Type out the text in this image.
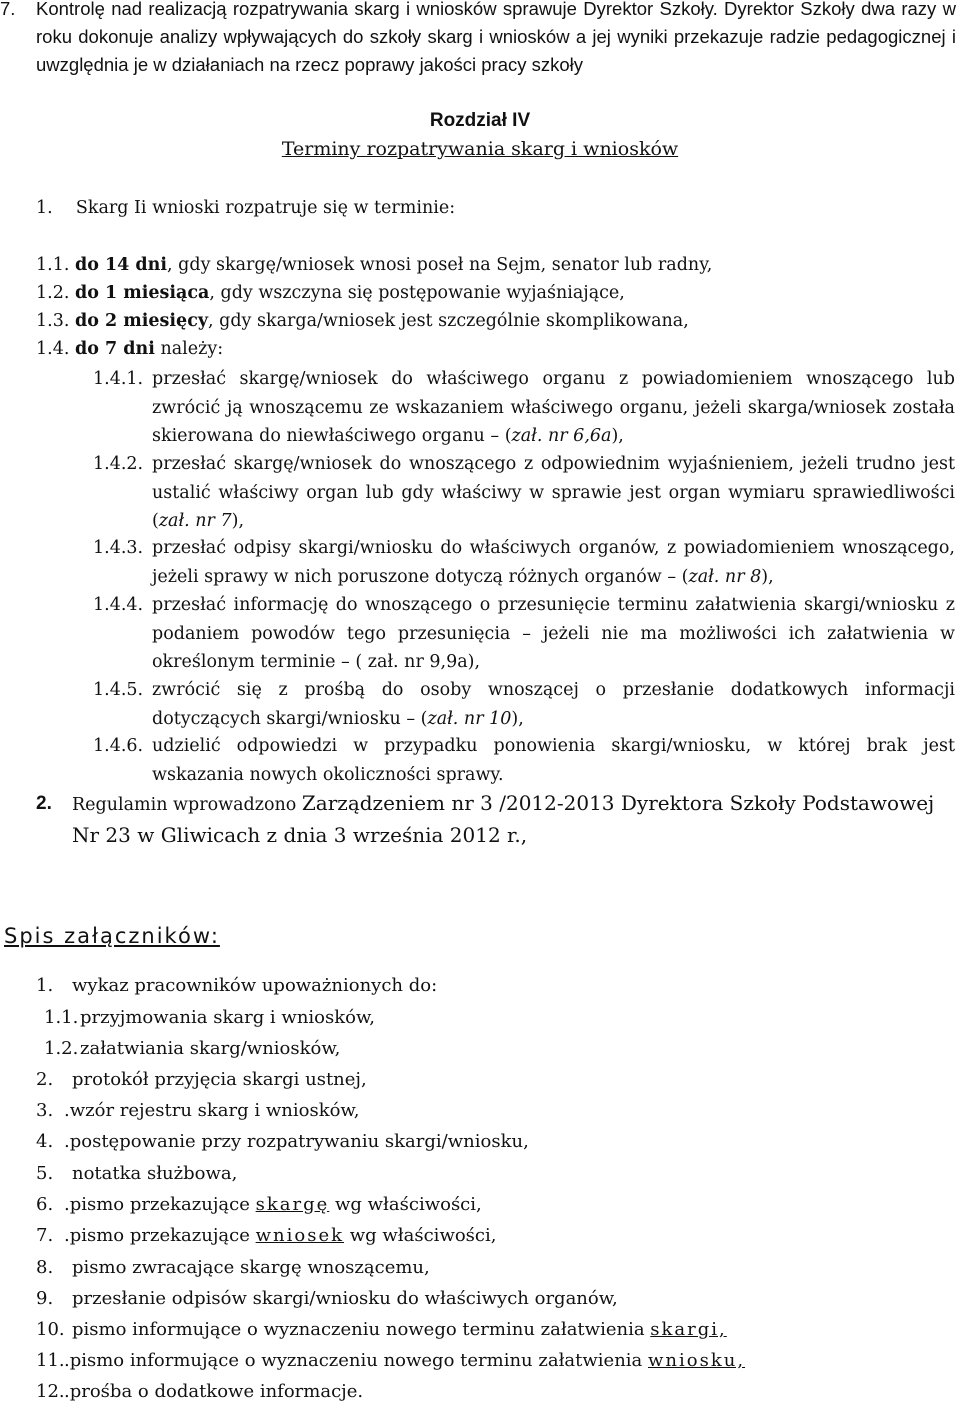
7. Kontrolę nad realizacją rozpatrywania skarg i wniosków sprawuje Dyrektor Szkoły. Dyrektor Szkoły dwa razy w roku dokonuje analizy wpływających do szkoły skarg i wniosków a jej wyniki przekazuje radzie pedagogicznej i uwzględnia je w działaniach na rzecz poprawy jakości pracy szkoły
Rozdział IV
Terminy rozpatrywania skarg i wniosków
1. Skarg Ii wnioski rozpatruje się w terminie:
1.1. do 14 dni, gdy skargę/wniosek wnosi poseł na Sejm, senator lub radny,
1.2. do 1 miesiąca, gdy wszczyna się postępowanie wyjaśniające,
1.3. do 2 miesięcy, gdy skarga/wniosek jest szczególnie skomplikowana,
1.4. do 7 dni należy:
1.4.1. przesłać skargę/wniosek do właściwego organu z powiadomieniem wnoszącego lub zwrócić ją wnoszącemu ze wskazaniem właściwego organu, jeżeli skarga/wniosek została skierowana do niewłaściwego organu – (zał. nr 6,6a),
1.4.2. przesłać skargę/wniosek do wnoszącego z odpowiednim wyjaśnieniem, jeżeli trudno jest ustalić właściwy organ lub gdy właściwy w sprawie jest organ wymiaru sprawiedliwości (zał. nr 7),
1.4.3. przesłać odpisy skargi/wniosku do właściwych organów, z powiadomieniem wnoszącego, jeżeli sprawy w nich poruszone dotyczą różnych organów – (zał. nr 8),
1.4.4. przesłać informację do wnoszącego o przesunięcie terminu załatwienia skargi/wniosku z podaniem powodów tego przesunięcia – jeżeli nie ma możliwości ich załatwienia w określonym terminie – ( zał. nr 9,9a),
1.4.5. zwrócić się z prośbą do osoby wnoszącej o przesłanie dodatkowych informacji dotyczących skargi/wniosku – (zał. nr 10),
1.4.6. udzielić odpowiedzi w przypadku ponowienia skargi/wniosku, w której brak jest wskazania nowych okoliczności sprawy.
2. Regulamin wprowadzono Zarządzeniem nr 3 /2012-2013 Dyrektora Szkoły Podstawowej Nr 23 w Gliwicach z dnia 3 września 2012 r.,
Spis załączników:
1. wykaz pracowników upoważnionych do:
1.1. przyjmowania skarg i wniosków,
1.2. załatwiania skarg/wniosków,
2. protokół przyjęcia skargi ustnej,
3. .wzór rejestru skarg i wniosków,
4. .postępowanie przy rozpatrywaniu skargi/wniosku,
5. notatka służbowa,
6. .pismo przekazujące skargę wg właściwości,
7. .pismo przekazujące wniosek wg właściwości,
8. pismo zwracające skargę wnoszącemu,
9. przesłanie odpisów skargi/wniosku do właściwych organów,
10. pismo informujące o wyznaczeniu nowego terminu załatwienia skargi,
11. .pismo informujące o wyznaczeniu nowego terminu załatwienia wniosku,
12. .prośba o dodatkowe informacje.
